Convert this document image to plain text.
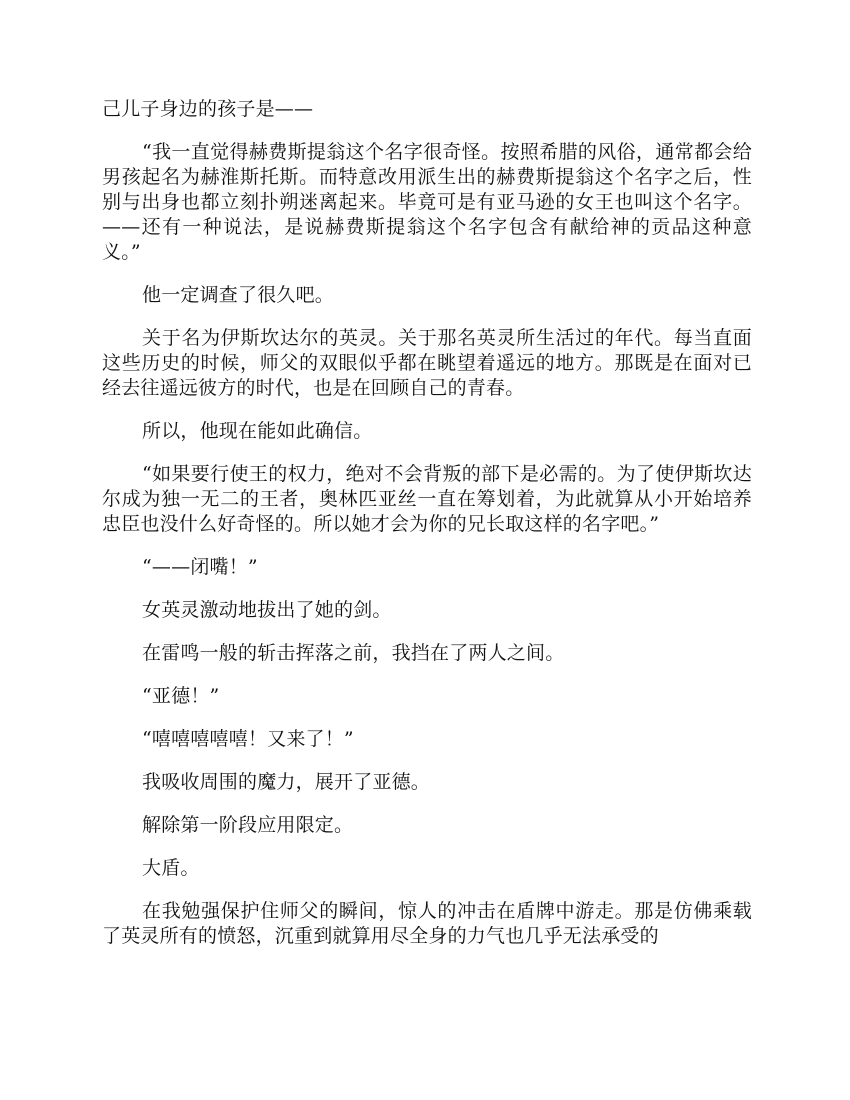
己儿子身边的孩子是——

“我一直觉得赫费斯提翁这个名字很奇怪。按照希腊的风俗，通常都会给男孩起名为赫淮斯托斯。而特意改用派生出的赫费斯提翁这个名字之后，性别与出身也都立刻扑朔迷离起来。毕竟可是有亚马逊的女王也叫这个名字。——还有一种说法，是说赫费斯提翁这个名字包含有献给神的贡品这种意义。”

他一定调查了很久吧。

关于名为伊斯坎达尔的英灵。关于那名英灵所生活过的年代。每当直面这些历史的时候，师父的双眼似乎都在眺望着遥远的地方。那既是在面对已经去往遥远彼方的时代，也是在回顾自己的青春。

所以，他现在能如此确信。

“如果要行使王的权力，绝对不会背叛的部下是必需的。为了使伊斯坎达尔成为独一无二的王者，奥林匹亚丝一直在筹划着，为此就算从小开始培养忠臣也没什么好奇怪的。所以她才会为你的兄长取这样的名字吧。”

“——闭嘴！”

女英灵激动地拔出了她的剑。

在雷鸣一般的斩击挥落之前，我挡在了两人之间。

“亚德！”

“嘻嘻嘻嘻嘻！又来了！”

我吸收周围的魔力，展开了亚德。

解除第一阶段应用限定。

大盾。

在我勉强保护住师父的瞬间，惊人的冲击在盾牌中游走。那是仿佛乘载了英灵所有的愤怒，沉重到就算用尽全身的力气也几乎无法承受的
